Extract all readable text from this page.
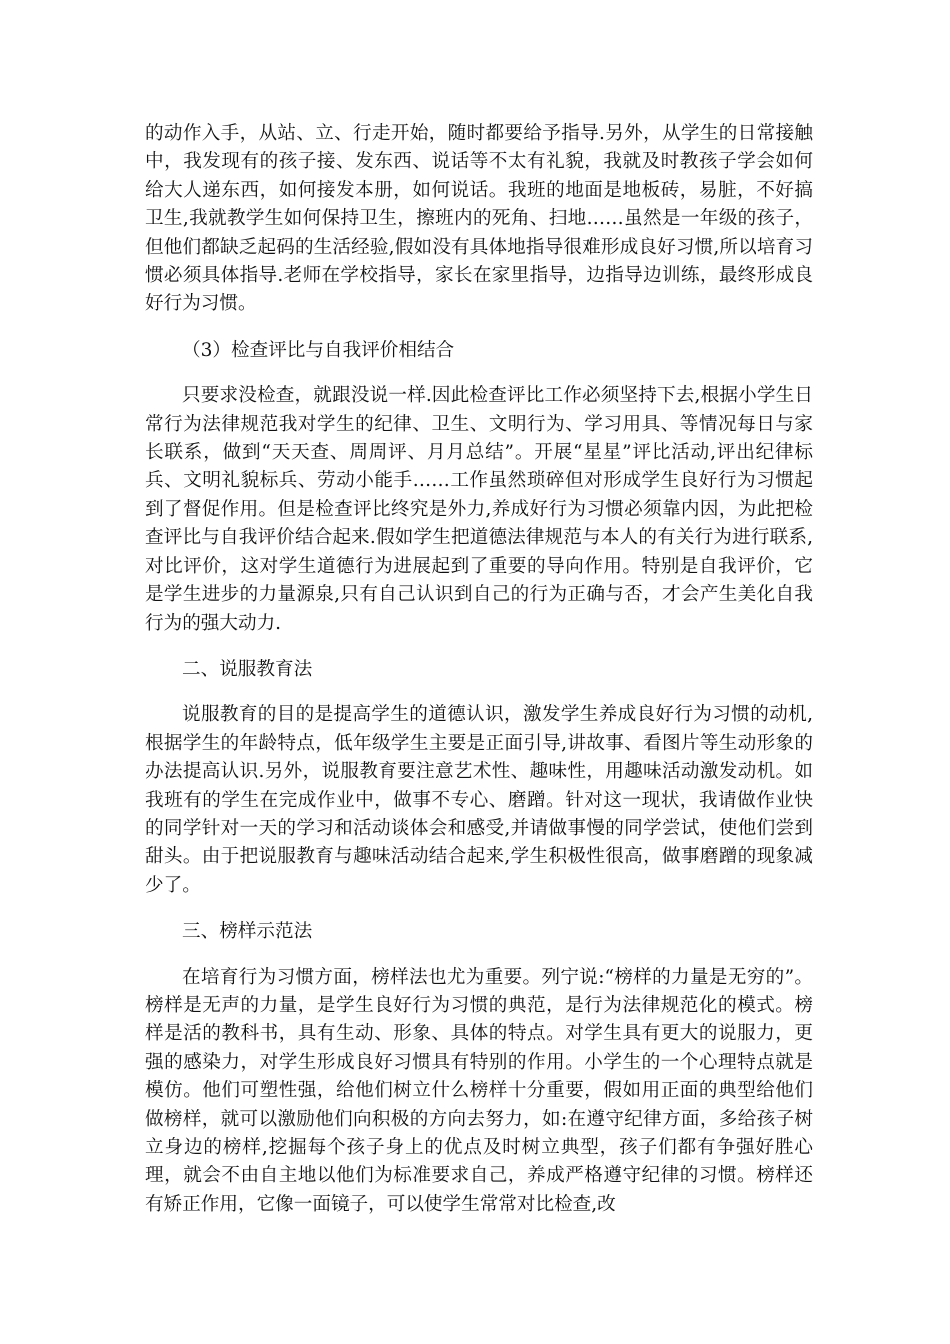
的动作入手，从站、立、行走开始，随时都要给予指导.另外，从学生的日常接触中，我发现有的孩子接、发东西、说话等不太有礼貌，我就及时教孩子学会如何给大人递东西，如何接发本册，如何说话。我班的地面是地板砖，易脏，不好搞卫生,我就教学生如何保持卫生，擦班内的死角、扫地……虽然是一年级的孩子，但他们都缺乏起码的生活经验,假如没有具体地指导很难形成良好习惯,所以培育习惯必须具体指导.老师在学校指导，家长在家里指导，边指导边训练，最终形成良好行为习惯。

（3）检查评比与自我评价相结合

只要求没检查，就跟没说一样.因此检查评比工作必须坚持下去,根据小学生日常行为法律规范我对学生的纪律、卫生、文明行为、学习用具、等情况每日与家长联系，做到“天天查、周周评、月月总结”。开展“星星”评比活动,评出纪律标兵、文明礼貌标兵、劳动小能手……工作虽然琐碎但对形成学生良好行为习惯起到了督促作用。但是检查评比终究是外力,养成好行为习惯必须靠内因，为此把检查评比与自我评价结合起来.假如学生把道德法律规范与本人的有关行为进行联系,对比评价，这对学生道德行为进展起到了重要的导向作用。特别是自我评价，它是学生进步的力量源泉,只有自己认识到自己的行为正确与否，才会产生美化自我行为的强大动力.

二、说服教育法

说服教育的目的是提高学生的道德认识，激发学生养成良好行为习惯的动机,根据学生的年龄特点，低年级学生主要是正面引导,讲故事、看图片等生动形象的办法提高认识.另外，说服教育要注意艺术性、趣味性，用趣味活动激发动机。如我班有的学生在完成作业中，做事不专心、磨蹭。针对这一现状，我请做作业快的同学针对一天的学习和活动谈体会和感受,并请做事慢的同学尝试，使他们尝到甜头。由于把说服教育与趣味活动结合起来,学生积极性很高，做事磨蹭的现象减少了。

三、榜样示范法

在培育行为习惯方面，榜样法也尤为重要。列宁说:“榜样的力量是无穷的”。榜样是无声的力量，是学生良好行为习惯的典范，是行为法律规范化的模式。榜样是活的教科书，具有生动、形象、具体的特点。对学生具有更大的说服力，更强的感染力，对学生形成良好习惯具有特别的作用。小学生的一个心理特点就是模仿。他们可塑性强，给他们树立什么榜样十分重要，假如用正面的典型给他们做榜样，就可以激励他们向积极的方向去努力，如:在遵守纪律方面，多给孩子树立身边的榜样,挖掘每个孩子身上的优点及时树立典型，孩子们都有争强好胜心理，就会不由自主地以他们为标准要求自己，养成严格遵守纪律的习惯。榜样还有矫正作用，它像一面镜子，可以使学生常常对比检查,改
